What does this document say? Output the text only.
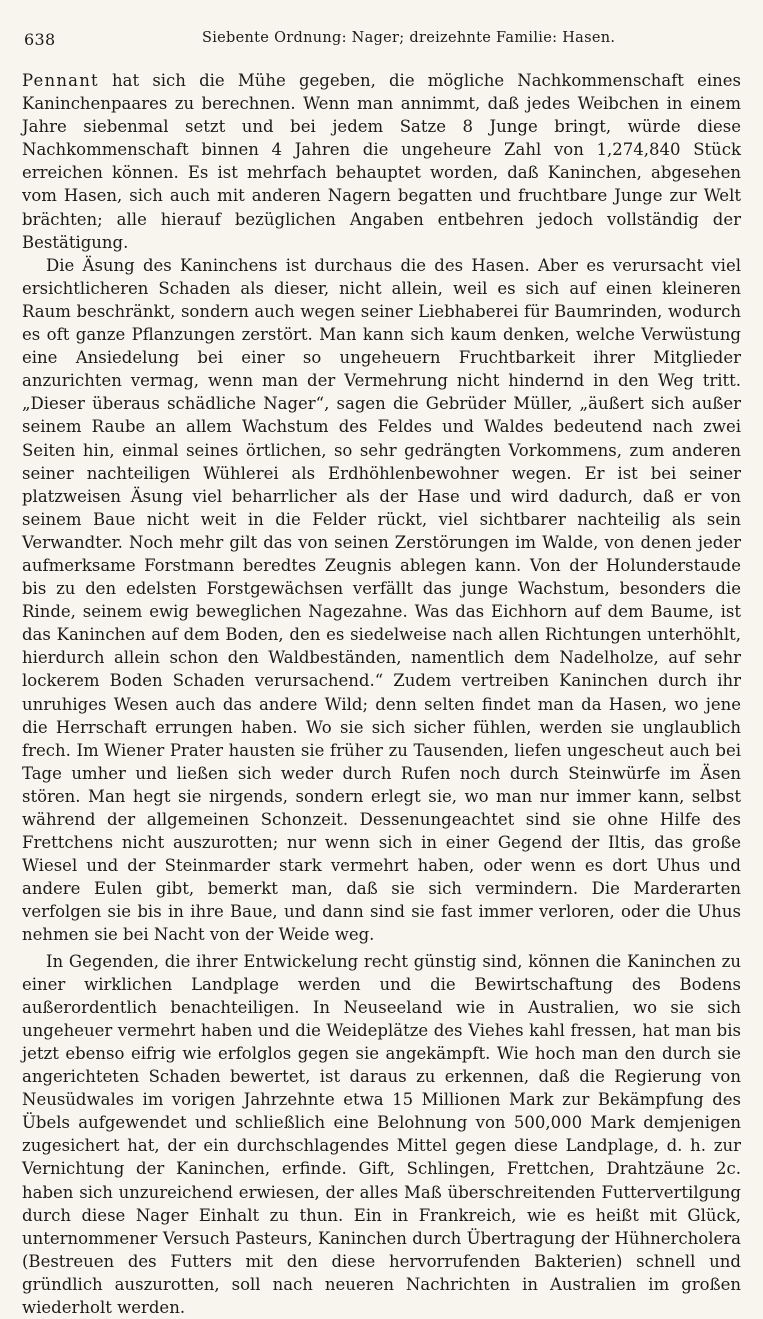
638	Siebente Ordnung: Nager; dreizehnte Familie: Hasen.

Pennant hat sich die Mühe gegeben, die mögliche Nachkommenschaft eines Kaninchenpaares zu berechnen. Wenn man annimmt, daß jedes Weibchen in einem Jahre siebenmal setzt und bei jedem Satze 8 Junge bringt, würde diese Nachkommenschaft binnen 4 Jahren die ungeheure Zahl von 1,274,840 Stück erreichen können. Es ist mehrfach behauptet worden, daß Kaninchen, abgesehen vom Hasen, sich auch mit anderen Nagern begatten und fruchtbare Junge zur Welt brächten; alle hierauf bezüglichen Angaben entbehren jedoch vollständig der Bestätigung.

Die Äsung des Kaninchens ist durchaus die des Hasen. Aber es verursacht viel ersichtlicheren Schaden als dieser, nicht allein, weil es sich auf einen kleineren Raum beschränkt, sondern auch wegen seiner Liebhaberei für Baumrinden, wodurch es oft ganze Pflanzungen zerstört. Man kann sich kaum denken, welche Verwüstung eine Ansiedelung bei einer so ungeheuern Fruchtbarkeit ihrer Mitglieder anzurichten vermag, wenn man der Vermehrung nicht hindernd in den Weg tritt. „Dieser überaus schädliche Nager“, sagen die Gebrüder Müller, „äußert sich außer seinem Raube an allem Wachstum des Feldes und Waldes bedeutend nach zwei Seiten hin, einmal seines örtlichen, so sehr gedrängten Vorkommens, zum anderen seiner nachteiligen Wühlerei als Erdhöhlenbewohner wegen. Er ist bei seiner platzweisen Äsung viel beharrlicher als der Hase und wird dadurch, daß er von seinem Baue nicht weit in die Felder rückt, viel sichtbarer nachteilig als sein Verwandter. Noch mehr gilt das von seinen Zerstörungen im Walde, von denen jeder aufmerksame Forstmann beredtes Zeugnis ablegen kann. Von der Holunderstaude bis zu den edelsten Forstgewächsen verfällt das junge Wachstum, besonders die Rinde, seinem ewig beweglichen Nagezahne. Was das Eichhorn auf dem Baume, ist das Kaninchen auf dem Boden, den es siedelweise nach allen Richtungen unterhöhlt, hierdurch allein schon den Waldbeständen, namentlich dem Nadelholze, auf sehr lockerem Boden Schaden verursachend.“ Zudem vertreiben Kaninchen durch ihr unruhiges Wesen auch das andere Wild; denn selten findet man da Hasen, wo jene die Herrschaft errungen haben. Wo sie sich sicher fühlen, werden sie unglaublich frech. Im Wiener Prater hausten sie früher zu Tausenden, liefen ungescheut auch bei Tage umher und ließen sich weder durch Rufen noch durch Steinwürfe im Äsen stören. Man hegt sie nirgends, sondern erlegt sie, wo man nur immer kann, selbst während der allgemeinen Schonzeit. Dessenungeachtet sind sie ohne Hilfe des Frettchens nicht auszurotten; nur wenn sich in einer Gegend der Iltis, das große Wiesel und der Steinmarder stark vermehrt haben, oder wenn es dort Uhus und andere Eulen gibt, bemerkt man, daß sie sich vermindern. Die Marderarten verfolgen sie bis in ihre Baue, und dann sind sie fast immer verloren, oder die Uhus nehmen sie bei Nacht von der Weide weg.

In Gegenden, die ihrer Entwickelung recht günstig sind, können die Kaninchen zu einer wirklichen Landplage werden und die Bewirtschaftung des Bodens außerordentlich benachteiligen. In Neuseeland wie in Australien, wo sie sich ungeheuer vermehrt haben und die Weideplätze des Viehes kahl fressen, hat man bis jetzt ebenso eifrig wie erfolglos gegen sie angekämpft. Wie hoch man den durch sie angerichteten Schaden bewertet, ist daraus zu erkennen, daß die Regierung von Neusüdwales im vorigen Jahrzehnte etwa 15 Millionen Mark zur Bekämpfung des Übels aufgewendet und schließlich eine Belohnung von 500,000 Mark demjenigen zugesichert hat, der ein durchschlagendes Mittel gegen diese Landplage, d. h. zur Vernichtung der Kaninchen, erfinde. Gift, Schlingen, Frettchen, Drahtzäune 2c. haben sich unzureichend erwiesen, der alles Maß überschreitenden Futtervertilgung durch diese Nager Einhalt zu thun. Ein in Frankreich, wie es heißt mit Glück, unternommener Versuch Pasteurs, Kaninchen durch Übertragung der Hühnercholera (Bestreuen des Futters mit den diese hervorrufenden Bakterien) schnell und gründlich auszurotten, soll nach neueren Nachrichten in Australien im großen wiederholt werden.
